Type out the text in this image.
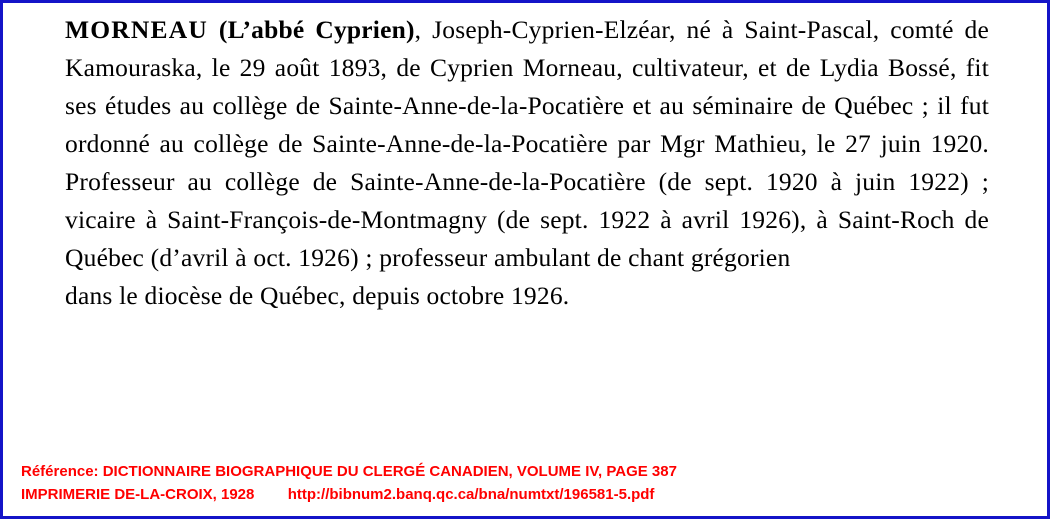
MORNEAU (L’abbé Cyprien), Joseph-Cyprien-Elzéar, né à Saint-Pascal, comté de Kamouraska, le 29 août 1893, de Cyprien Morneau, cultivateur, et de Lydia Bossé, fit ses études au collège de Sainte-Anne-de-la-Pocatière et au séminaire de Québec ; il fut ordonné au collège de Sainte-Anne-de-la-Pocatière par Mgr Mathieu, le 27 juin 1920. Professeur au collège de Sainte-Anne-de-la-Pocatière (de sept. 1920 à juin 1922) ; vicaire à Saint-François-de-Montmagny (de sept. 1922 à avril 1926), à Saint-Roch de Québec (d’avril à oct. 1926) ; professeur ambulant de chant grégorien
dans le diocèse de Québec, depuis octobre 1926.

Référence: DICTIONNAIRE BIOGRAPHIQUE DU CLERGÉ CANADIEN, VOLUME IV, PAGE 387
IMPRIMERIE DE-LA-CROIX, 1928 http://bibnum2.banq.qc.ca/bna/numtxt/196581-5.pdf
